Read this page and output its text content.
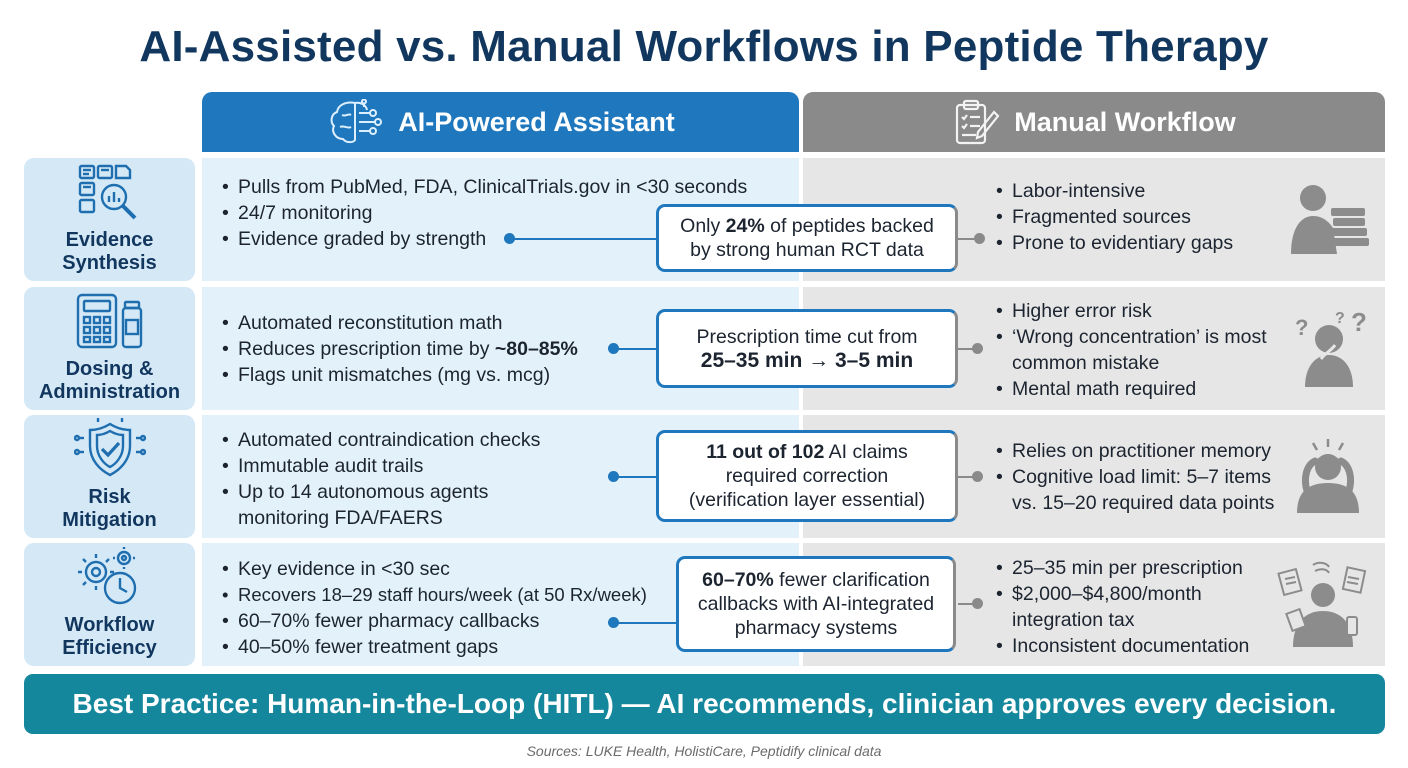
AI-Assisted vs. Manual Workflows in Peptide Therapy
AI-Powered Assistant	Manual Workflow
Evidence
Synthesis
• Pulls from PubMed, FDA, ClinicalTrials.gov in <30 seconds
• 24/7 monitoring
• Evidence graded by strength
• Labor-intensive
• Fragmented sources
• Prone to evidentiary gaps
Only 24% of peptides backed
by strong human RCT data
Dosing &
Administration
• Automated reconstitution math
• Reduces prescription time by ~80–85%
• Flags unit mismatches (mg vs. mcg)
• Higher error risk
• ‘Wrong concentration’ is most common mistake
• Mental math required
? ?
?
Prescription time cut from
25–35 min → 3–5 min
Risk
Mitigation
• Automated contraindication checks
• Immutable audit trails
• Up to 14 autonomous agents monitoring FDA/FAERS
• Relies on practitioner memory
• Cognitive load limit: 5–7 items vs. 15–20 required data points
11 out of 102 AI claims
required correction
(verification layer essential)
Workflow
Efficiency
• Key evidence in <30 sec
• Recovers 18–29 staff hours/week (at 50 Rx/week)
• 60–70% fewer pharmacy callbacks
• 40–50% fewer treatment gaps
• 25–35 min per prescription
• $2,000–$4,800/month integration tax
• Inconsistent documentation
60–70% fewer clarification
callbacks with AI-integrated
pharmacy systems
Best Practice: Human-in-the-Loop (HITL) — AI recommends, clinician approves every decision.
Sources: LUKE Health, HolistiCare, Peptidify clinical data
